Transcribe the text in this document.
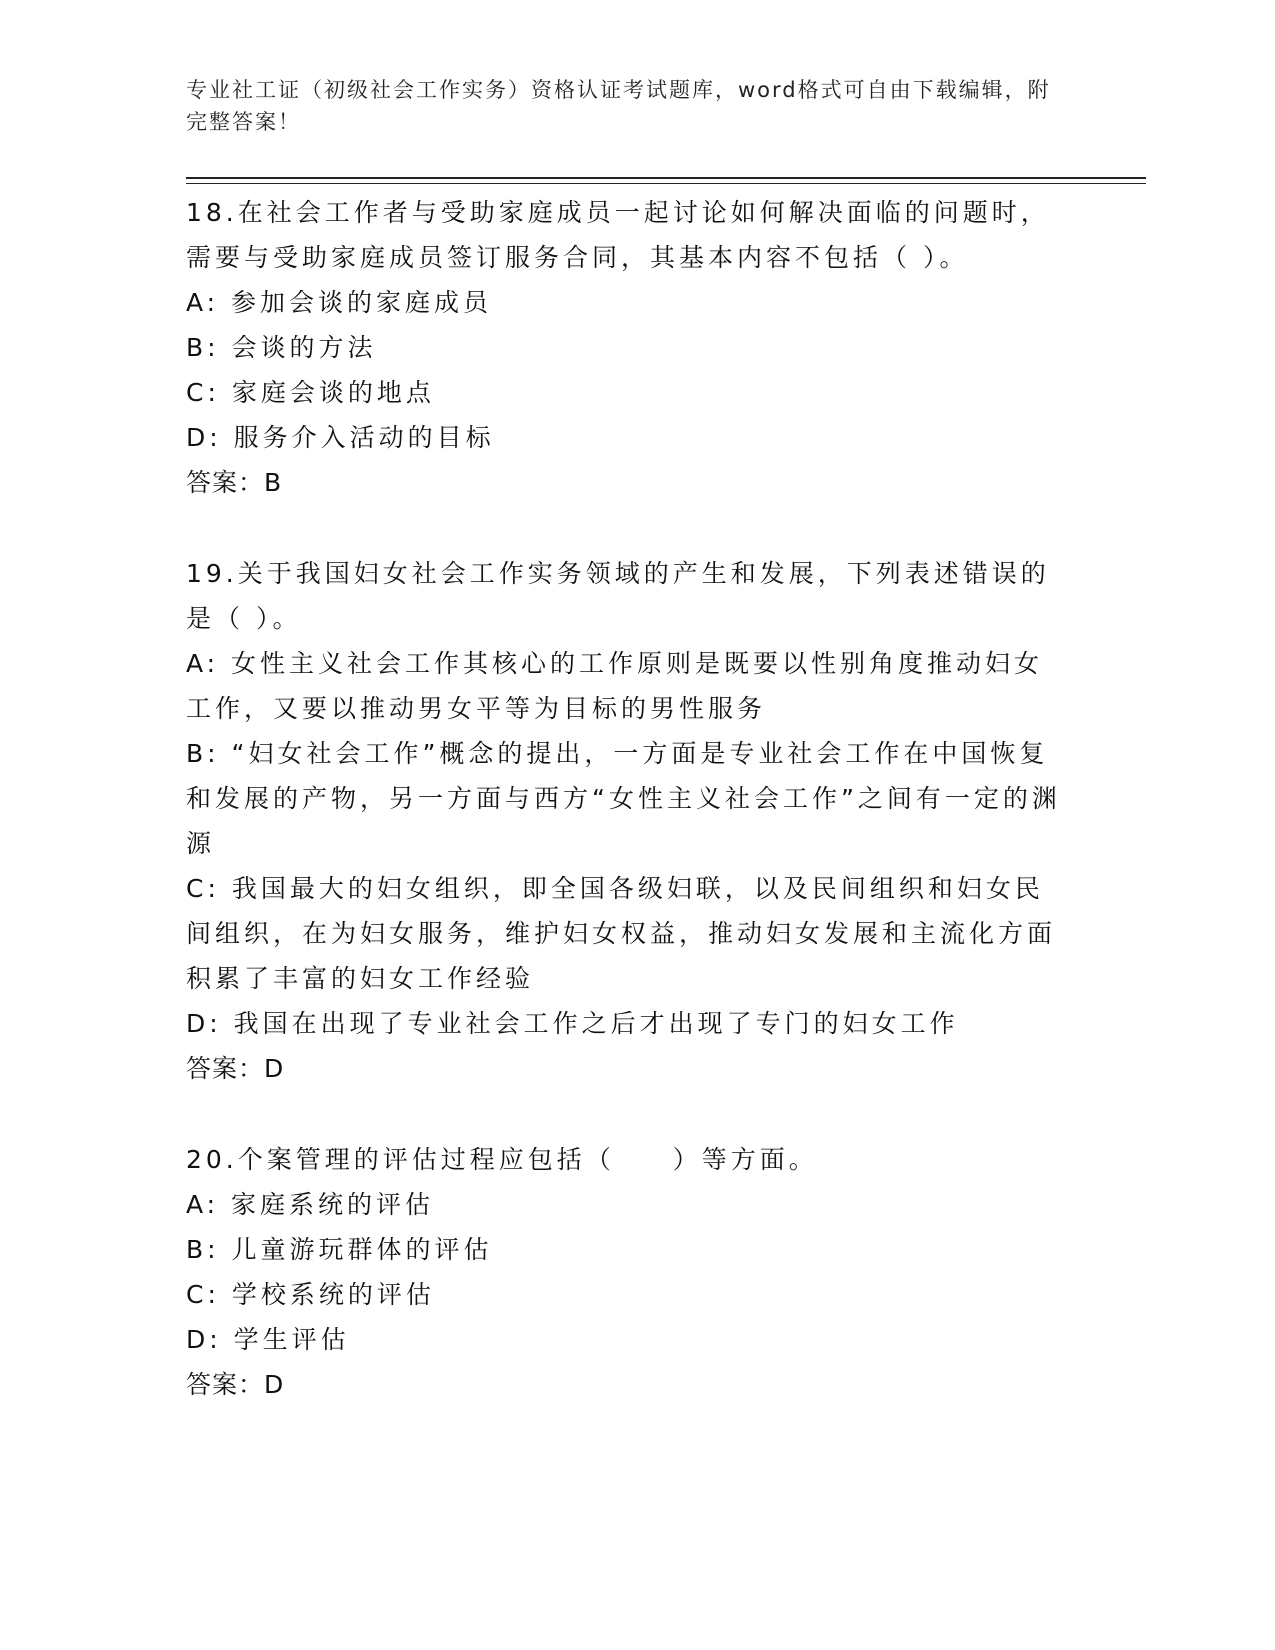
专业社工证（初级社会工作实务）资格认证考试题库，word格式可自由下载编辑，附完整答案！

18.在社会工作者与受助家庭成员一起讨论如何解决面临的问题时，需要与受助家庭成员签订服务合同，其基本内容不包括（ ）。

A: 参加会谈的家庭成员

B: 会谈的方法

C: 家庭会谈的地点

D: 服务介入活动的目标

答案：B

19.关于我国妇女社会工作实务领域的产生和发展，下列表述错误的是（ ）。

A: 女性主义社会工作其核心的工作原则是既要以性别角度推动妇女工作，又要以推动男女平等为目标的男性服务

B: “妇女社会工作”概念的提出，一方面是专业社会工作在中国恢复和发展的产物，另一方面与西方“女性主义社会工作”之间有一定的渊源

C: 我国最大的妇女组织，即全国各级妇联，以及民间组织和妇女民间组织，在为妇女服务，维护妇女权益，推动妇女发展和主流化方面积累了丰富的妇女工作经验

D: 我国在出现了专业社会工作之后才出现了专门的妇女工作

答案：D

20.个案管理的评估过程应包括（　　）等方面。

A: 家庭系统的评估

B: 儿童游玩群体的评估

C: 学校系统的评估

D: 学生评估

答案：D
